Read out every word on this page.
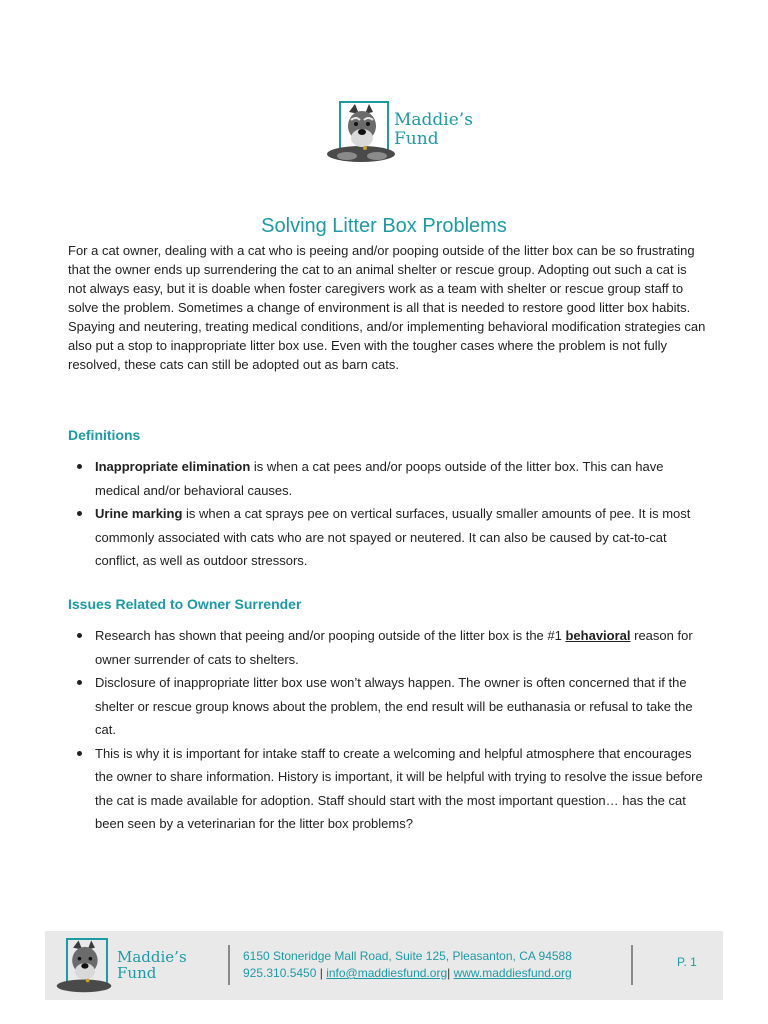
Maddie’s
Fund
Solving Litter Box Problems

For a cat owner, dealing with a cat who is peeing and/or pooping outside of the litter box can be so frustrating that the owner ends up surrendering the cat to an animal shelter or rescue group. Adopting out such a cat is not always easy, but it is doable when foster caregivers work as a team with shelter or rescue group staff to solve the problem. Sometimes a change of environment is all that is needed to restore good litter box habits. Spaying and neutering, treating medical conditions, and/or implementing behavioral modification strategies can also put a stop to inappropriate litter box use. Even with the tougher cases where the problem is not fully resolved, these cats can still be adopted out as barn cats.

Definitions
Inappropriate elimination is when a cat pees and/or poops outside of the litter box. This can have medical and/or behavioral causes.
Urine marking is when a cat sprays pee on vertical surfaces, usually smaller amounts of pee. It is most commonly associated with cats who are not spayed or neutered. It can also be caused by cat-to-cat conflict, as well as outdoor stressors.
Issues Related to Owner Surrender
Research has shown that peeing and/or pooping outside of the litter box is the #1 behavioral reason for owner surrender of cats to shelters.
Disclosure of inappropriate litter box use won’t always happen. The owner is often concerned that if the shelter or rescue group knows about the problem, the end result will be euthanasia or refusal to take the cat.
This is why it is important for intake staff to create a welcoming and helpful atmosphere that encourages the owner to share information. History is important, it will be helpful with trying to resolve the issue before the cat is made available for adoption. Staff should start with the most important question… has the cat been seen by a veterinarian for the litter box problems?
Maddie’s
Fund
6150 Stoneridge Mall Road, Suite 125, Pleasanton, CA 94588
925.310.5450 | info@maddiesfund.org| www.maddiesfund.org
P. 1
